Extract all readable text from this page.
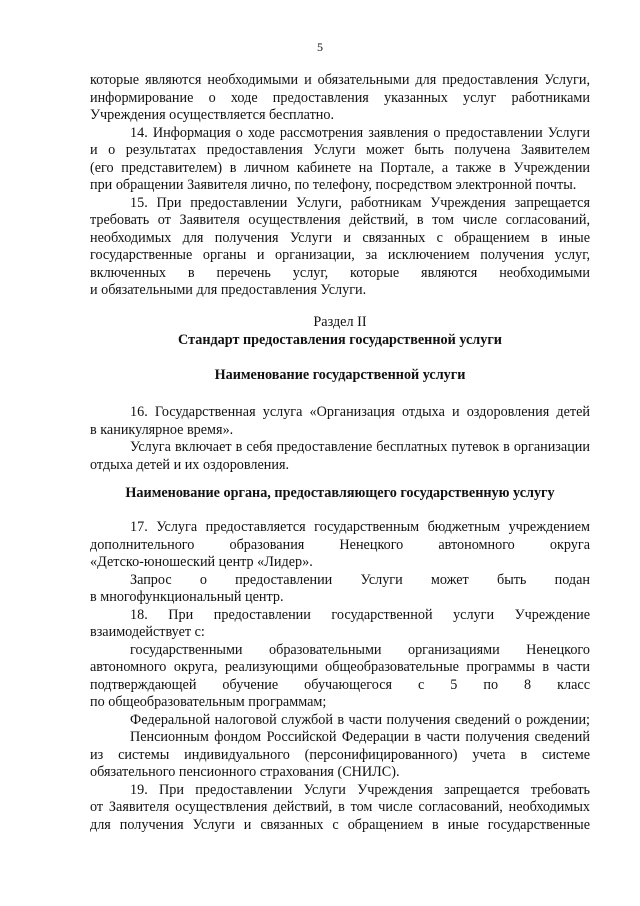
5
которые являются необходимыми и обязательными для предоставления Услуги,
информирование о ходе предоставления указанных услуг работниками
Учреждения осуществляется бесплатно.
14. Информация о ходе рассмотрения заявления о предоставлении Услуги
и о результатах предоставления Услуги может быть получена Заявителем
(его представителем) в личном кабинете на Портале, а также в Учреждении
при обращении Заявителя лично, по телефону, посредством электронной почты.
15. При предоставлении Услуги, работникам Учреждения запрещается
требовать от Заявителя осуществления действий, в том числе согласований,
необходимых для получения Услуги и связанных с обращением в иные
государственные органы и организации, за исключением получения услуг,
включенных в перечень услуг, которые являются необходимыми
и обязательными для предоставления Услуги.
Раздел II
Стандарт предоставления государственной услуги
Наименование государственной услуги
16. Государственная услуга «Организация отдыха и оздоровления детей
в каникулярное время».
Услуга включает в себя предоставление бесплатных путевок в организации
отдыха детей и их оздоровления.
Наименование органа, предоставляющего государственную услугу
17. Услуга предоставляется государственным бюджетным учреждением
дополнительного образования Ненецкого автономного округа
«Детско-юношеский центр «Лидер».
Запрос о предоставлении Услуги может быть подан
в многофункциональный центр.
18. При предоставлении государственной услуги Учреждение
взаимодействует с:
государственными образовательными организациями Ненецкого
автономного округа, реализующими общеобразовательные программы в части
подтверждающей обучение обучающегося с 5 по 8 класс
по общеобразовательным программам;
Федеральной налоговой службой в части получения сведений о рождении;
Пенсионным фондом Российской Федерации в части получения сведений
из системы индивидуального (персонифицированного) учета в системе
обязательного пенсионного страхования (СНИЛС).
19. При предоставлении Услуги Учреждения запрещается требовать
от Заявителя осуществления действий, в том числе согласований, необходимых
для получения Услуги и связанных с обращением в иные государственные
